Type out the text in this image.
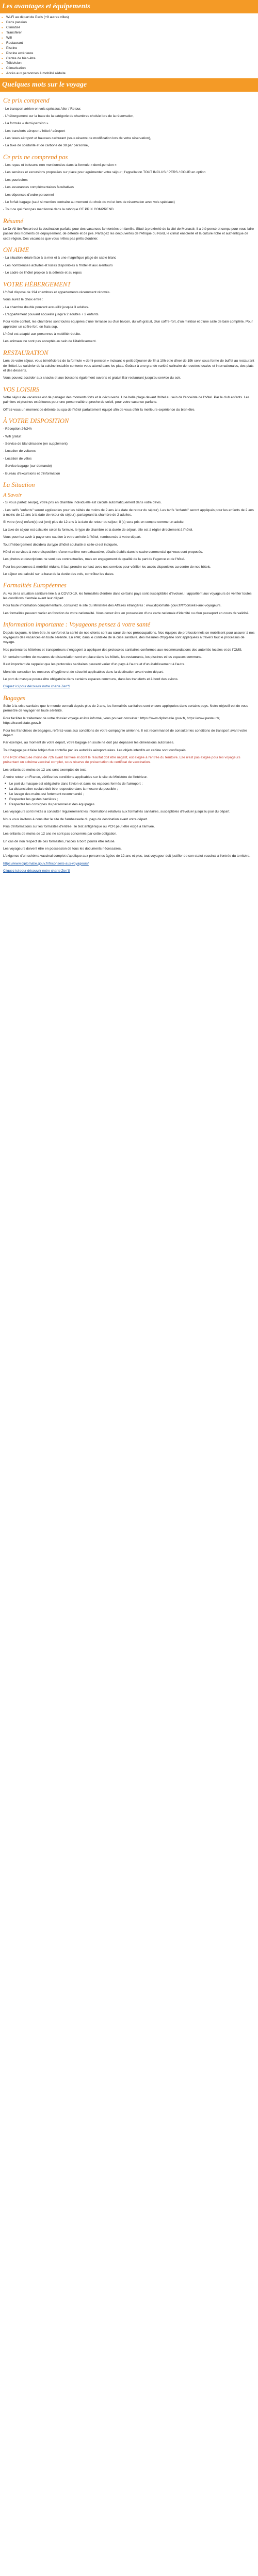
Les avantages et équipements
▪ Wi-Fi au départ de Paris (+9 autres villes)
▪ Dans passion
▪ Climatisé
▪ Transférer
▪ Wifi
▪ Restaurant
▪ Piscine
▪ Piscine extérieure
▪ Centre de bien-être
▪ Télévision
▪ Climatisation
▪ Accès aux personnes à mobilité réduite
Quelques mots sur le voyage
Ce prix comprend

- Le transport aérien en vols spéciaux Aller / Retour,

- L'hébergement sur la base de la catégorie de chambres choisie lors de la réservation,

- La formule « demi-pension »

- Les transferts aéroport / hôtel / aéroport

- Les taxes aéroport et hausses carburant (sous réserve de modification lors de votre réservation),

- La taxe de solidarité et de carbone de 38 par personne,

Ce prix ne comprend pas

- Les repas et boissons non mentionnées dans la formule « demi-pension »

- Les services et excursions proposées sur place pour agrémenter votre séjour ; l'appellation TOUT INCLUS / PERS / COUR en option

- Les pourboires

- Les assurances complémentaires facultatives

- Les dépenses d'ordre personnel

- Le forfait bagage (sauf si mention contraire au moment du choix du vol et lors de réservation avec vols spéciaux)

- Tout ce qui n'est pas mentionné dans la rubrique CE PRIX COMPREND

Résumé

Le Dr Ali Ibn Resort est la destination parfaite pour des vacances farnientées en famille. Situé à proximité de la cité de Monastir, il a été pensé et conçu pour vous faire passer des moments de dépaysement, de détente et de joie. Partagez les découvertes de l'Afrique du Nord, le climat ensoleillé et la culture riche et authentique de cette région. Des vacances que vous n'êtes pas prêts d'oublier.

ON AIME

- La situation idéale face à la mer et à une magnifique plage de sable blanc

- Les nombreuses activités et loisirs disponibles à l'hôtel et aux alentours

- Le cadre de l'hôtel propice à la détente et au repos

VOTRE HÉBERGEMENT

L'hôtel dispose de 194 chambres et appartements récemment rénovés.

Vous aurez le choix entre :

- La chambre double pouvant accueillir jusqu'à 3 adultes.

- L'appartement pouvant accueillir jusqu'à 2 adultes + 2 enfants.

Pour votre confort, les chambres sont toutes équipées d'une terrasse ou d'un balcon, du wifi gratuit, d'un coffre-fort, d'un minibar et d'une salle de bain complète. Pour apprécier un coffre-fort, en frais sup.

L'hôtel est adapté aux personnes à mobilité réduite.

Les animaux ne sont pas acceptés au sein de l'établissement.

RESTAURATION

Lors de votre séjour, vous bénéficierez de la formule « demi-pension » incluant le petit déjeuner de 7h à 10h et le dîner de 19h servi sous forme de buffet au restaurant de l'hôtel. Le cuisinier de la cuisine installée contente vous attend dans les plats. Goûtez à une grande variété culinaire de recettes locales et internationales, des plats et des desserts.

Vous pouvez accéder aux snacks et aux boissons également ouverts et gratuit Bar restaurant jusqu'au service du soir.

VOS LOISIRS

Votre séjour de vacances est de partager des moments forts et la découverte. Une belle plage devant l'hôtel au sein de l'enceinte de l'hôtel. Par le club enfants. Les palmiers et piscines extérieures pour une personnalité et proche de soleil, pour votre vacance parfaite.

Offrez-vous un moment de détente au spa de l'hôtel parfaitement équipé afin de vous offrir la meilleure expérience du bien-être.

À VOTRE DISPOSITION

- Réception 24/24h

- Wifi gratuit

- Service de blanchisserie (en supplément)

- Location de voitures

- Location de vélos

- Service bagage (sur demande)

- Bureau d'excursions et d'information

La Situation
A Savoir

- Si vous partez seul(e), votre prix en chambre individuelle est calculé automatiquement dans votre devis.

- Les tarifs "enfants" seront applicables pour les bébés de moins de 2 ans à la date de retour du séjour). Les tarifs "enfants" seront appliqués pour les enfants de 2 ans à moins de 12 ans à la date de retour du séjour), partageant la chambre de 2 adultes.

Si votre (vos) enfant(s) est (ont) plus de 12 ans à la date de retour du séjour, il (s) sera pris en compte comme un adulte.

La taxe de séjour est calculée selon la formule, le type de chambre et la durée de séjour, elle est à régler directement à l'hôtel.

Vous pourriez avoir à payer une caution à votre arrivée à l'hôtel, remboursée à votre départ.

Tout l'hébergement décidera du type d'hôtel souhaité si celle-ci est indiquée.

Hôtel et services à votre disposition, d'une manière non exhaustive, détails établis dans le cadre commercial qui vous sont proposés.

Les photos et descriptions ne sont pas contractuelles, mais un engagement de qualité de la part de l'agence et de l'hôtel.

Pour les personnes à mobilité réduite, il faut prendre contact avec nos services pour vérifier les accès disponibles au centre de nos hôtels.

Le séjour est calculé sur la base de la durée des vols, contrôlez les dates.

Formalités Européennes

Au vu de la situation sanitaire liée à la COVID-19, les formalités d'entrée dans certains pays sont susceptibles d'évoluer. Il appartient aux voyageurs de vérifier toutes les conditions d'entrée avant leur départ.

Pour toute information complémentaire, consultez le site du Ministère des Affaires étrangères : www.diplomatie.gouv.fr/fr/conseils-aux-voyageurs.

Les formalités peuvent varier en fonction de votre nationalité. Vous devez être en possession d'une carte nationale d'identité ou d'un passeport en cours de validité.

Information importante : Voyageons pensez à votre santé

Depuis toujours, le bien-être, le confort et la santé de nos clients sont au cœur de nos préoccupations. Nos équipes de professionnels se mobilisent pour assurer à nos voyageurs des vacances en toute sérénité. En effet, dans le contexte de la crise sanitaire, des mesures d'hygiène sont appliquées à travers tout le processus de voyage.

Nos partenaires hôteliers et transporteurs s'engagent à appliquer des protocoles sanitaires conformes aux recommandations des autorités locales et de l'OMS.

Un certain nombre de mesures de distanciation sont en place dans les hôtels, les restaurants, les piscines et les espaces communs.

Il est important de rappeler que les protocoles sanitaires peuvent varier d'un pays à l'autre et d'un établissement à l'autre.

Merci de consulter les mesures d'hygiène et de sécurité applicables dans la destination avant votre départ.

Le port du masque pourra être obligatoire dans certains espaces communs, dans les transferts et à bord des avions.

Cliquez ici pour découvrir notre charte Zen'S

Bagages

Suite à la crise sanitaire que le monde connaît depuis plus de 2 ans, les formalités sanitaires sont encore appliquées dans certains pays. Notre objectif est de vous permettre de voyager en toute sérénité.

Pour faciliter le traitement de votre dossier voyage et être informé, vous pouvez consulter : https://www.diplomatie.gouv.fr, https://www.pasteur.fr, https://travel.state.gouv.fr

Pour les franchises de bagages, référez-vous aux conditions de votre compagnie aérienne. Il est recommandé de consulter les conditions de transport avant votre départ.

Par exemple, au moment de votre départ, votre bagage en soute ne doit pas dépasser les dimensions autorisées.

Tout bagage peut faire l'objet d'un contrôle par les autorités aéroportuaires. Les objets interdits en cabine sont confisqués.

Une PCR effectuée moins de 72h avant l'arrivée et dont le résultat doit être négatif, est exigée à l'entrée du territoire. Elle n'est pas exigée pour les voyageurs présentant un schéma vaccinal complet, sous réserve de présentation du certificat de vaccination.

Les enfants de moins de 12 ans sont exemptés de test.

À votre retour en France, vérifiez les conditions applicables sur le site du Ministère de l'Intérieur.

• Le port du masque est obligatoire dans l'avion et dans les espaces fermés de l'aéroport ;
• La distanciation sociale doit être respectée dans la mesure du possible ;
• Le lavage des mains est fortement recommandé ;
• Respectez les gestes barrières ;
• Respectez les consignes du personnel et des équipages.

Les voyageurs sont invités à consulter régulièrement les informations relatives aux formalités sanitaires, susceptibles d'évoluer jusqu'au jour du départ.

Nous vous invitons à consulter le site de l'ambassade du pays de destination avant votre départ.

Plus d'informations sur les formalités d'entrée : le test antigénique ou PCR peut être exigé à l'arrivée.

Les enfants de moins de 12 ans ne sont pas concernés par cette obligation.

En cas de non respect de ces formalités, l'accès à bord pourra être refusé.

Les voyageurs doivent être en possession de tous les documents nécessaires.

L'exigence d'un schéma vaccinal complet s'applique aux personnes âgées de 12 ans et plus, tout voyageur doit justifier de son statut vaccinal à l'entrée du territoire.

https://www.diplomatie.gouv.fr/fr/conseils-aux-voyageurs/

Cliquez ici pour découvrir notre charte Zen'S
